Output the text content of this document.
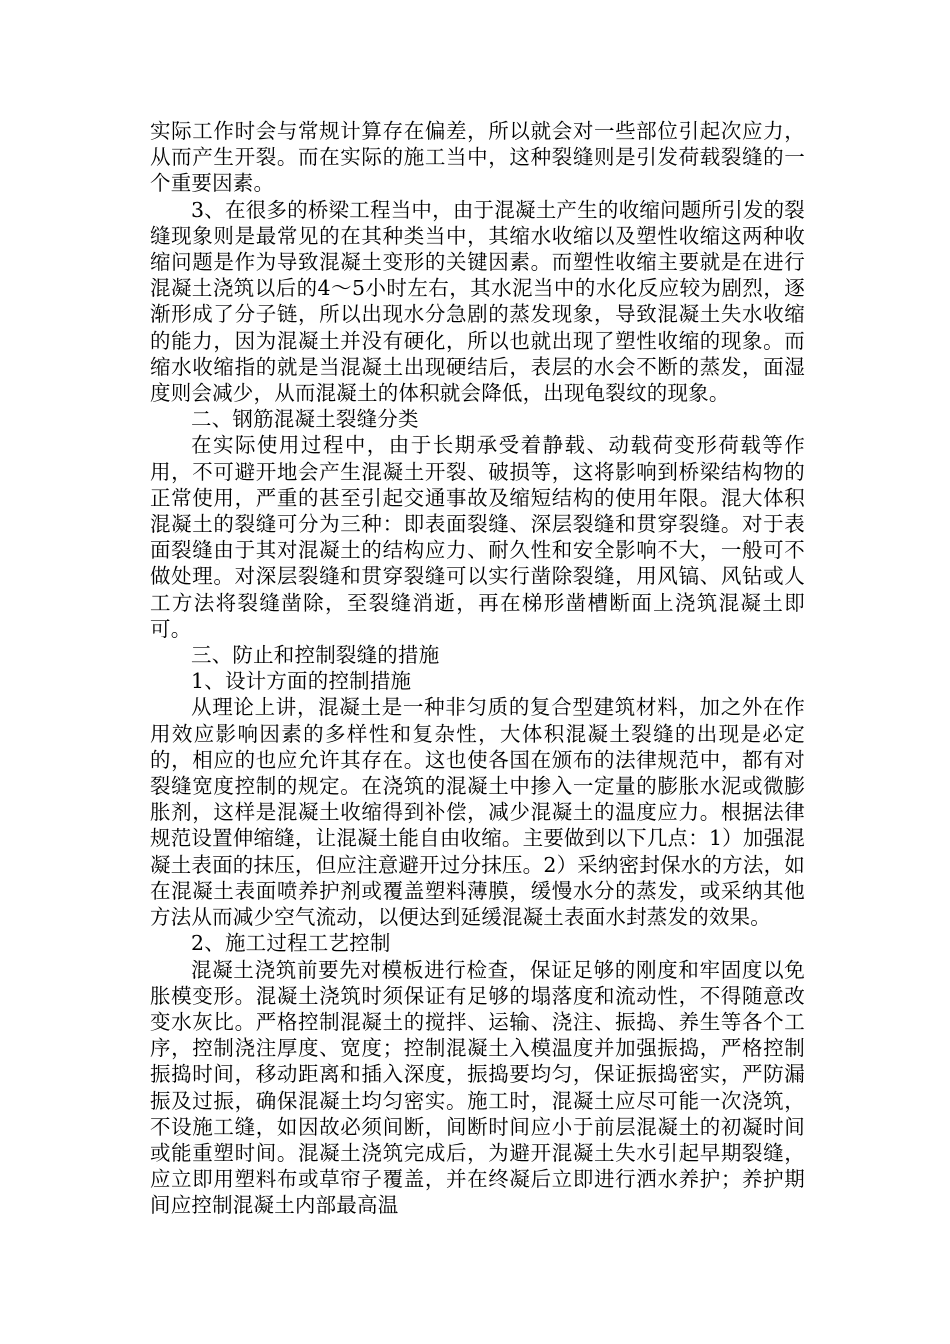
实际工作时会与常规计算存在偏差，所以就会对一些部位引起次应力，从而产生开裂。而在实际的施工当中，这种裂缝则是引发荷载裂缝的一个重要因素。

3、在很多的桥梁工程当中，由于混凝土产生的收缩问题所引发的裂缝现象则是最常见的在其种类当中，其缩水收缩以及塑性收缩这两种收缩问题是作为导致混凝土变形的关键因素。而塑性收缩主要就是在进行混凝土浇筑以后的4～5小时左右，其水泥当中的水化反应较为剧烈，逐渐形成了分子链，所以出现水分急剧的蒸发现象，导致混凝土失水收缩的能力，因为混凝土并没有硬化，所以也就出现了塑性收缩的现象。而缩水收缩指的就是当混凝土出现硬结后，表层的水会不断的蒸发，面湿度则会减少，从而混凝土的体积就会降低，出现龟裂纹的现象。

二、钢筋混凝土裂缝分类

在实际使用过程中，由于长期承受着静载、动载荷变形荷载等作用，不可避开地会产生混凝土开裂、破损等，这将影响到桥梁结构物的正常使用，严重的甚至引起交通事故及缩短结构的使用年限。混大体积混凝土的裂缝可分为三种：即表面裂缝、深层裂缝和贯穿裂缝。对于表面裂缝由于其对混凝土的结构应力、耐久性和安全影响不大，一般可不做处理。对深层裂缝和贯穿裂缝可以实行凿除裂缝，用风镐、风钻或人工方法将裂缝凿除，至裂缝消逝，再在梯形凿槽断面上浇筑混凝土即可。

三、防止和控制裂缝的措施

1、设计方面的控制措施

从理论上讲，混凝土是一种非匀质的复合型建筑材料，加之外在作用效应影响因素的多样性和复杂性，大体积混凝土裂缝的出现是必定的，相应的也应允许其存在。这也使各国在颁布的法律规范中，都有对裂缝宽度控制的规定。在浇筑的混凝土中掺入一定量的膨胀水泥或微膨胀剂，这样是混凝土收缩得到补偿，减少混凝土的温度应力。根据法律规范设置伸缩缝，让混凝土能自由收缩。主要做到以下几点：1）加强混凝土表面的抹压，但应注意避开过分抹压。2）采纳密封保水的方法，如在混凝土表面喷养护剂或覆盖塑料薄膜，缓慢水分的蒸发，或采纳其他方法从而减少空气流动，以便达到延缓混凝土表面水封蒸发的效果。

2、施工过程工艺控制

混凝土浇筑前要先对模板进行检查，保证足够的刚度和牢固度以免胀模变形。混凝土浇筑时须保证有足够的塌落度和流动性，不得随意改变水灰比。严格控制混凝土的搅拌、运输、浇注、振捣、养生等各个工序，控制浇注厚度、宽度；控制混凝土入模温度并加强振捣，严格控制振捣时间，移动距离和插入深度，振捣要均匀，保证振捣密实，严防漏振及过振，确保混凝土均匀密实。施工时，混凝土应尽可能一次浇筑，不设施工缝，如因故必须间断，间断时间应小于前层混凝土的初凝时间或能重塑时间。混凝土浇筑完成后，为避开混凝土失水引起早期裂缝，应立即用塑料布或草帘子覆盖，并在终凝后立即进行洒水养护；养护期间应控制混凝土内部最高温
